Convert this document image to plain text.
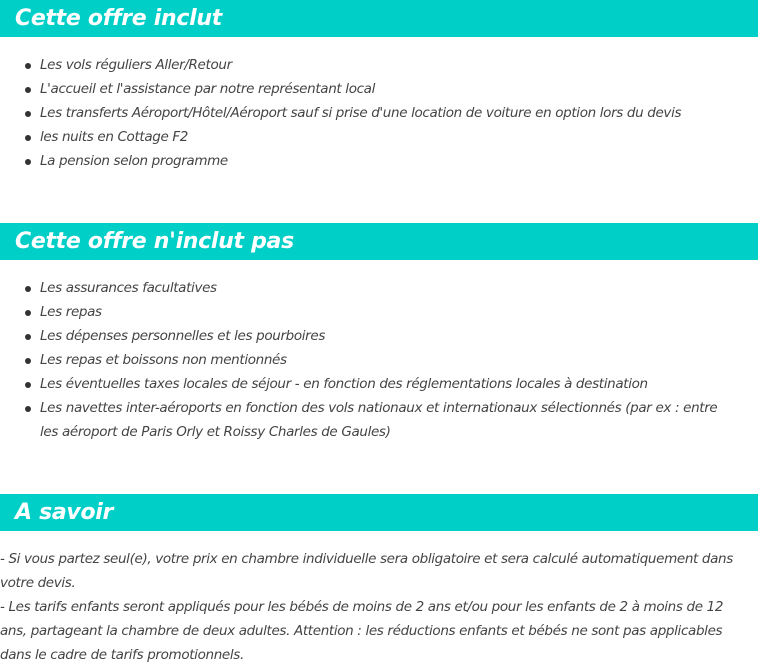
Cette offre inclut
Les vols réguliers Aller/Retour
L'accueil et l'assistance par notre représentant local
Les transferts Aéroport/Hôtel/Aéroport sauf si prise d'une location de voiture en option lors du devis
les nuits en Cottage F2
La pension selon programme
Cette offre n'inclut pas
Les assurances facultatives
Les repas
Les dépenses personnelles et les pourboires
Les repas et boissons non mentionnés
Les éventuelles taxes locales de séjour - en fonction des réglementations locales à destination
Les navettes inter-aéroports en fonction des vols nationaux et internationaux sélectionnés (par ex : entre les aéroport de Paris Orly et Roissy Charles de Gaules)
A savoir

- Si vous partez seul(e), votre prix en chambre individuelle sera obligatoire et sera calculé automatiquement dans votre devis.

- Les tarifs enfants seront appliqués pour les bébés de moins de 2 ans et/ou pour les enfants de 2 à moins de 12 ans, partageant la chambre de deux adultes. Attention : les réductions enfants et bébés ne sont pas applicables dans le cadre de tarifs promotionnels.
